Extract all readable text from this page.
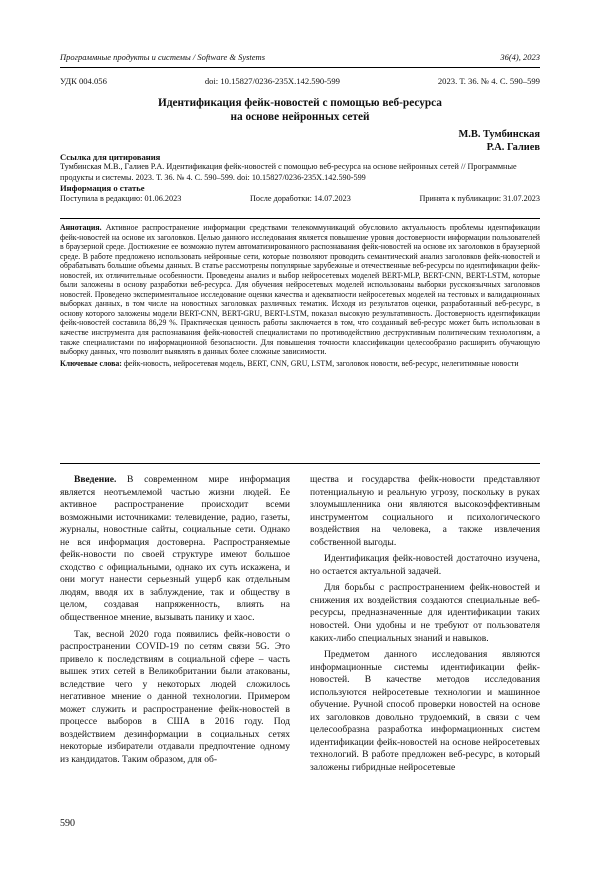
Программные продукты и системы / Software & Systems	36(4), 2023
УДК 004.056	doi: 10.15827/0236-235X.142.590-599	2023. Т. 36. № 4. С. 590–599
Идентификация фейк-новостей с помощью веб-ресурса
на основе нейронных сетей
М.В. Тумбинская
Р.А. Галиев
Ссылка для цитирования
Тумбинская М.В., Галиев Р.А. Идентификация фейк-новостей с помощью веб-ресурса на основе нейронных сетей // Программные продукты и системы. 2023. Т. 36. № 4. С. 590–599. doi: 10.15827/0236-235X.142.590-599
Информация о статье
Поступила в редакцию: 01.06.2023	После доработки: 14.07.2023	Принята к публикации: 31.07.2023

Аннотация. Активное распространение информации средствами телекоммуникаций обусловило актуальность проблемы идентификации фейк-новостей на основе их заголовков. Целью данного исследования является повышение уровня достоверности информации пользователей в браузерной среде. Достижение ее возможно путем автоматизированного распознавания фейк-новостей на основе их заголовков в браузерной среде. В работе предложено использовать нейронные сети, которые позволяют проводить семантический анализ заголовков фейк-новостей и обрабатывать большие объемы данных. В статье рассмотрены популярные зарубежные и отечественные веб-ресурсы по идентификации фейк-новостей, их отличительные особенности. Проведены анализ и выбор нейросетевых моделей BERT-MLP, BERT-CNN, BERT-LSTM, которые были заложены в основу разработки веб-ресурса. Для обучения нейросетевых моделей использованы выборки русскоязычных заголовков новостей. Проведено экспериментальное исследование оценки качества и адекватности нейросетевых моделей на тестовых и валидационных выборках данных, в том числе на новостных заголовках различных тематик. Исходя из результатов оценки, разработанный веб-ресурс, в основу которого заложены модели BERT-CNN, BERT-GRU, BERT-LSTM, показал высокую результативность. Достоверность идентификации фейк-новостей составила 86,29 %. Практическая ценность работы заключается в том, что созданный веб-ресурс может быть использован в качестве инструмента для распознавания фейк-новостей специалистами по противодействию деструктивным политическим технологиям, а также специалистами по информационной безопасности. Для повышения точности классификации целесообразно расширить обучающую выборку данных, что позволит выявлять в данных более сложные зависимости.

Ключевые слова: фейк-новость, нейросетевая модель, BERT, CNN, GRU, LSTM, заголовок новости, веб-ресурс, нелегитимные новости

Введение. В современном мире информация является неотъемлемой частью жизни людей. Ее активное распространение происходит всеми возможными источниками: телевидение, радио, газеты, журналы, новостные сайты, социальные сети. Однако не вся информация достоверна. Распространяемые фейк-новости по своей структуре имеют большое сходство с официальными, однако их суть искажена, и они могут нанести серьезный ущерб как отдельным людям, вводя их в заблуждение, так и обществу в целом, создавая напряженность, влиять на общественное мнение, вызывать панику и хаос.

Так, весной 2020 года появились фейк-новости о распространении COVID-19 по сетям связи 5G. Это привело к последствиям в социальной сфере – часть вышек этих сетей в Великобритании были атакованы, вследствие чего у некоторых людей сложилось негативное мнение о данной технологии. Примером может служить и распространение фейк-новостей в процессе выборов в США в 2016 году. Под воздействием дезинформации в социальных сетях некоторые избиратели отдавали предпочтение одному из кандидатов. Таким образом, для об-

щества и государства фейк-новости представляют потенциальную и реальную угрозу, поскольку в руках злоумышленника они являются высокоэффективным инструментом социального и психологического воздействия на человека, а также извлечения собственной выгоды.

Идентификация фейк-новостей достаточно изучена, но остается актуальной задачей.

Для борьбы с распространением фейк-новостей и снижения их воздействия создаются специальные веб-ресурсы, предназначенные для идентификации таких новостей. Они удобны и не требуют от пользователя каких-либо специальных знаний и навыков.

Предметом данного исследования являются информационные системы идентификации фейк-новостей. В качестве методов исследования используются нейросетевые технологии и машинное обучение. Ручной способ проверки новостей на основе их заголовков довольно трудоемкий, в связи с чем целесообразна разработка информационных систем идентификации фейк-новостей на основе нейросетевых технологий. В работе предложен веб-ресурс, в который заложены гибридные нейросетевые

590
